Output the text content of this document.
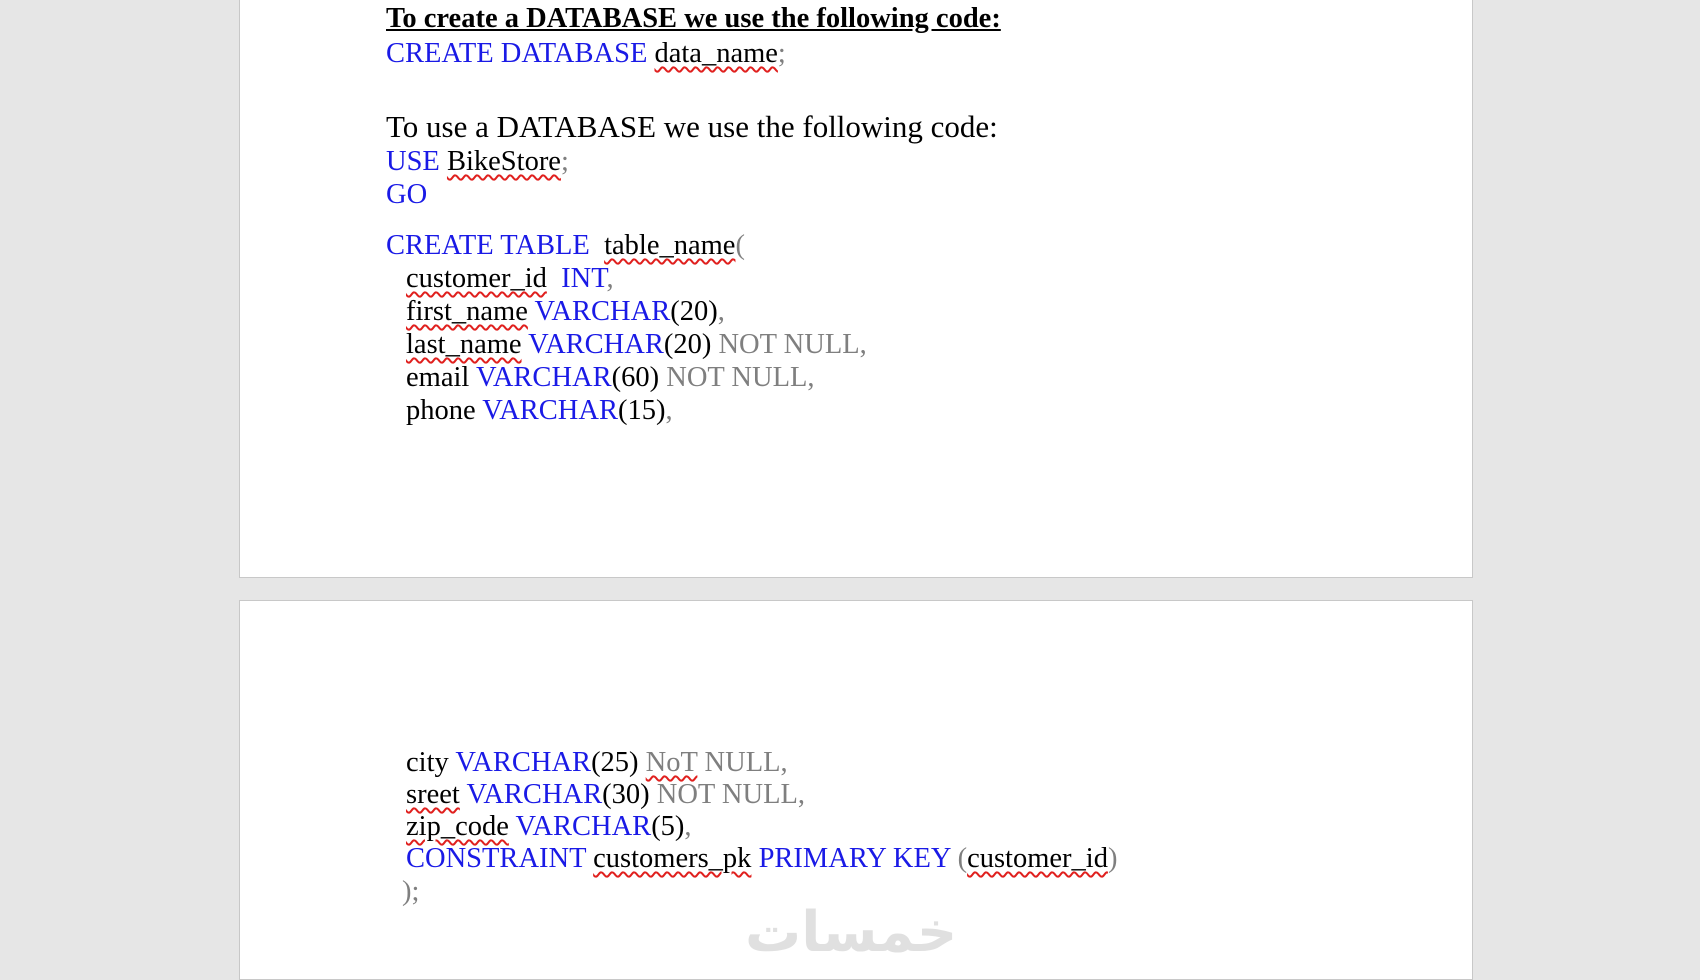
To create a DATABASE we use the following code:
CREATE DATABASE data_name;
To use a DATABASE we use the following code:
USE BikeStore;
GO
CREATE TABLE table_name(
customer_id INT,
first_name VARCHAR(20),
last_name VARCHAR(20) NOT NULL,
email VARCHAR(60) NOT NULL,
phone VARCHAR(15),
city VARCHAR(25) NoT NULL,
sreet VARCHAR(30) NOT NULL,
zip_code VARCHAR(5),
CONSTRAINT customers_pk PRIMARY KEY (customer_id)
);
خمسات
